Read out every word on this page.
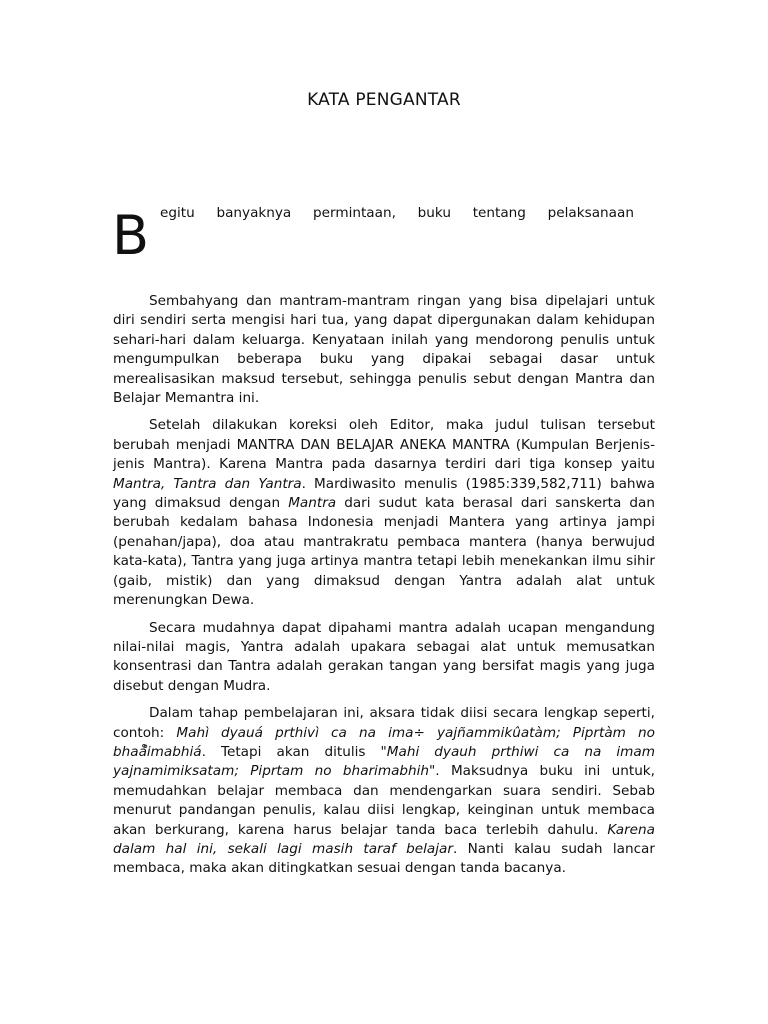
KATA PENGANTAR
B egitu banyaknya permintaan, buku tentang pelaksanaan

Sembahyang dan mantram-mantram ringan yang bisa dipelajari untuk diri sendiri serta mengisi hari tua, yang dapat dipergunakan dalam kehidupan sehari-hari dalam keluarga. Kenyataan inilah yang mendorong penulis untuk mengumpulkan beberapa buku yang dipakai sebagai dasar untuk merealisasikan maksud tersebut, sehingga penulis sebut dengan Mantra dan Belajar Memantra ini.

Setelah dilakukan koreksi oleh Editor, maka judul tulisan tersebut berubah menjadi MANTRA DAN BELAJAR ANEKA MANTRA (Kumpulan Berjenis-jenis Mantra). Karena Mantra pada dasarnya terdiri dari tiga konsep yaitu Mantra, Tantra dan Yantra. Mardiwasito menulis (1985:339,582,711) bahwa yang dimaksud dengan Mantra dari sudut kata berasal dari sanskerta dan berubah kedalam bahasa Indonesia menjadi Mantera yang artinya jampi (penahan/japa), doa atau mantrakratu pembaca mantera (hanya berwujud kata-kata), Tantra yang juga artinya mantra tetapi lebih menekankan ilmu sihir (gaib, mistik) dan yang dimaksud dengan Yantra adalah alat untuk merenungkan Dewa.

Secara mudahnya dapat dipahami mantra adalah ucapan mengandung nilai-nilai magis, Yantra adalah upakara sebagai alat untuk memusatkan konsentrasi dan Tantra adalah gerakan tangan yang bersifat magis yang juga disebut dengan Mudra.

Dalam tahap pembelajaran ini, aksara tidak diisi secara lengkap seperti, contoh: Mahì dyauá prthivì ca na ima÷ yajñammikûatàm; Piprtàm no bhaå̊imabhiá. Tetapi akan ditulis "Mahi dyauh prthiwi ca na imam yajnamimiksatam; Piprtam no bharimabhih". Maksudnya buku ini untuk, memudahkan belajar membaca dan mendengarkan suara sendiri. Sebab menurut pandangan penulis, kalau diisi lengkap, keinginan untuk membaca akan berkurang, karena harus belajar tanda baca terlebih dahulu. Karena dalam hal ini, sekali lagi masih taraf belajar. Nanti kalau sudah lancar membaca, maka akan ditingkatkan sesuai dengan tanda bacanya.
